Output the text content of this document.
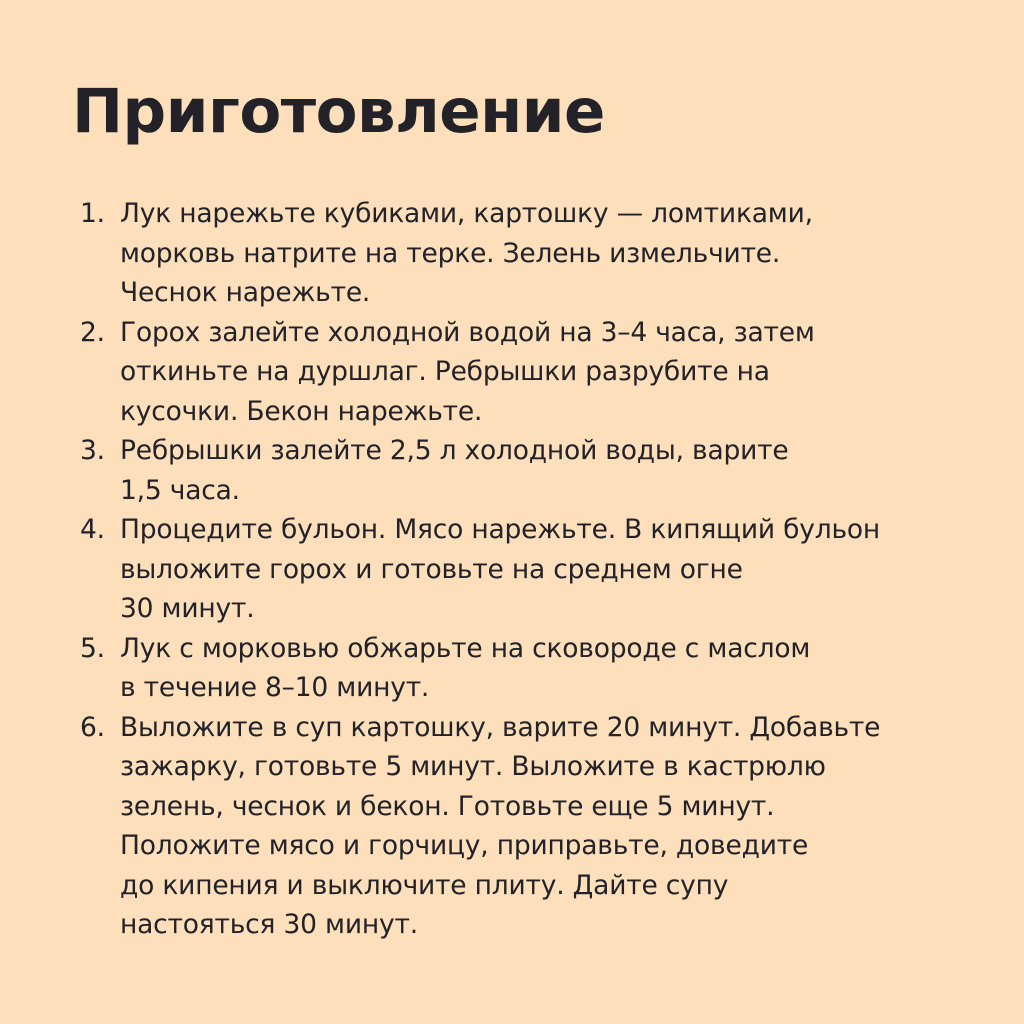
Приготовление
1. Лук нарежьте кубиками, картошку — ломтиками,
морковь натрите на терке. Зелень измельчите.
Чеснок нарежьте.
2. Горох залейте холодной водой на 3–4 часа, затем
откиньте на дуршлаг. Ребрышки разрубите на
кусочки. Бекон нарежьте.
3. Ребрышки залейте 2,5 л холодной воды, варите
1,5 часа.
4. Процедите бульон. Мясо нарежьте. В кипящий бульон
выложите горох и готовьте на среднем огне
30 минут.
5. Лук с морковью обжарьте на сковороде с маслом
в течение 8–10 минут.
6. Выложите в суп картошку, варите 20 минут. Добавьте
зажарку, готовьте 5 минут. Выложите в кастрюлю
зелень, чеснок и бекон. Готовьте еще 5 минут.
Положите мясо и горчицу, приправьте, доведите
до кипения и выключите плиту. Дайте супу
настояться 30 минут.
